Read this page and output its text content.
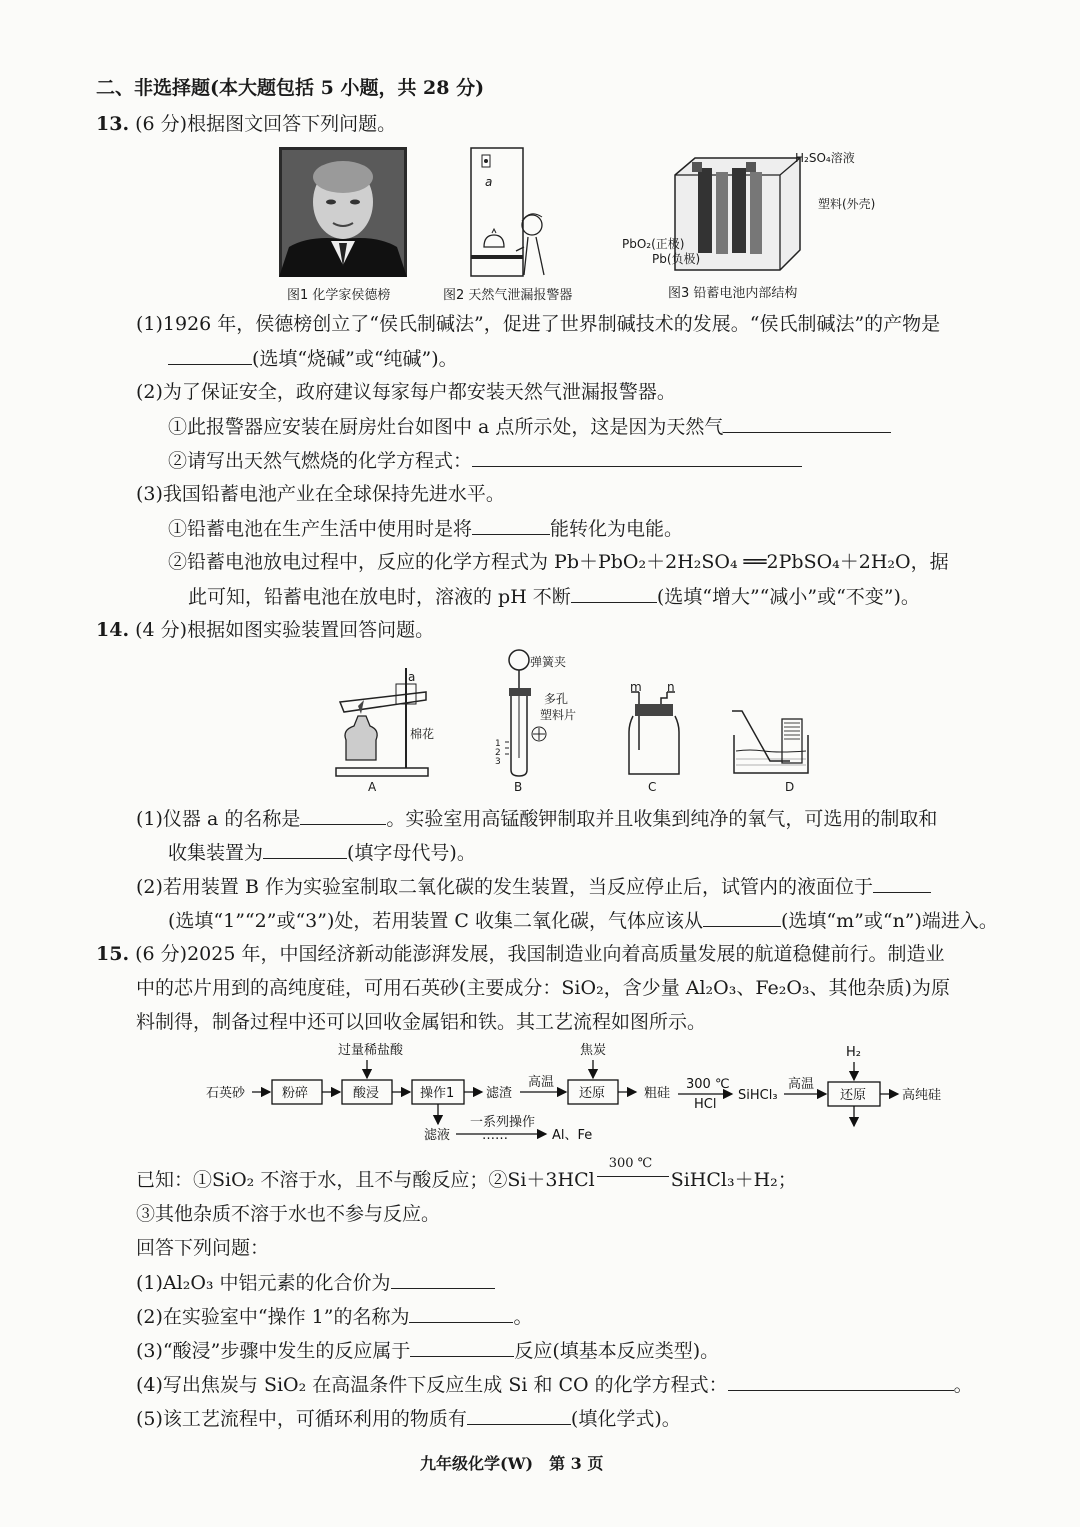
二、非选择题(本大题包括 5 小题，共 28 分)
13. (6 分)根据图文回答下列问题。
图1 化学家侯德榜
a
图2 天然气泄漏报警器
H₂SO₄溶液
塑料(外壳)
PbO₂(正极)
Pb(负极)
图3 铅蓄电池内部结构
(1)1926 年，侯德榜创立了“侯氏制碱法”，促进了世界制碱技术的发展。“侯氏制碱法”的产物是
(选填“烧碱”或“纯碱”)。
(2)为了保证安全，政府建议每家每户都安装天然气泄漏报警器。
①此报警器应安装在厨房灶台如图中 a 点所示处，这是因为天然气
②请写出天然气燃烧的化学方程式：
(3)我国铅蓄电池产业在全球保持先进水平。
①铅蓄电池在生产生活中使用时是将	能转化为电能。
②铅蓄电池放电过程中，反应的化学方程式为 Pb＋PbO₂＋2H₂SO₄ ══2PbSO₄＋2H₂O，据
此可知，铅蓄电池在放电时，溶液的 pH 不断	(选填“增大”“减小”或“不变”)。
14. (4 分)根据如图实验装置回答问题。
a
棉花
A
弹簧夹
多孔
塑料片
1
2
3
B
m n
C	D
(1)仪器 a 的名称是	。实验室用高锰酸钾制取并且收集到纯净的氧气，可选用的制取和
收集装置为	(填字母代号)。
(2)若用装置 B 作为实验室制取二氧化碳的发生装置，当反应停止后，试管内的液面位于
(选填“1”“2”或“3”)处，若用装置 C 收集二氧化碳，气体应该从	(选填“m”或“n”)端进入。
15. (6 分)2025 年，中国经济新动能澎湃发展，我国制造业向着高质量发展的航道稳健前行。制造业
中的芯片用到的高纯度硅，可用石英砂(主要成分：SiO₂，含少量 Al₂O₃、Fe₂O₃、其他杂质)为原
料制得，制备过程中还可以回收金属铝和铁。其工艺流程如图所示。
石英砂	粉碎
过量稀盐酸
酸浸	操作1 滤渣
高温
焦炭
还原	粗硅
300 ℃
HCl
SiHCl₃
高温
H₂
还原	高纯硅
滤液
一系列操作
……	Al、Fe
已知：①SiO₂ 不溶于水，且不与酸反应；②Si＋3HCl
300 ℃
SiHCl₃＋H₂；
③其他杂质不溶于水也不参与反应。
回答下列问题：
(1)Al₂O₃ 中铝元素的化合价为
(2)在实验室中“操作 1”的名称为	。
(3)“酸浸”步骤中发生的反应属于	反应(填基本反应类型)。
(4)写出焦炭与 SiO₂ 在高温条件下反应生成 Si 和 CO 的化学方程式：	。
(5)该工艺流程中，可循环利用的物质有	(填化学式)。
九年级化学(W)　第 3 页
